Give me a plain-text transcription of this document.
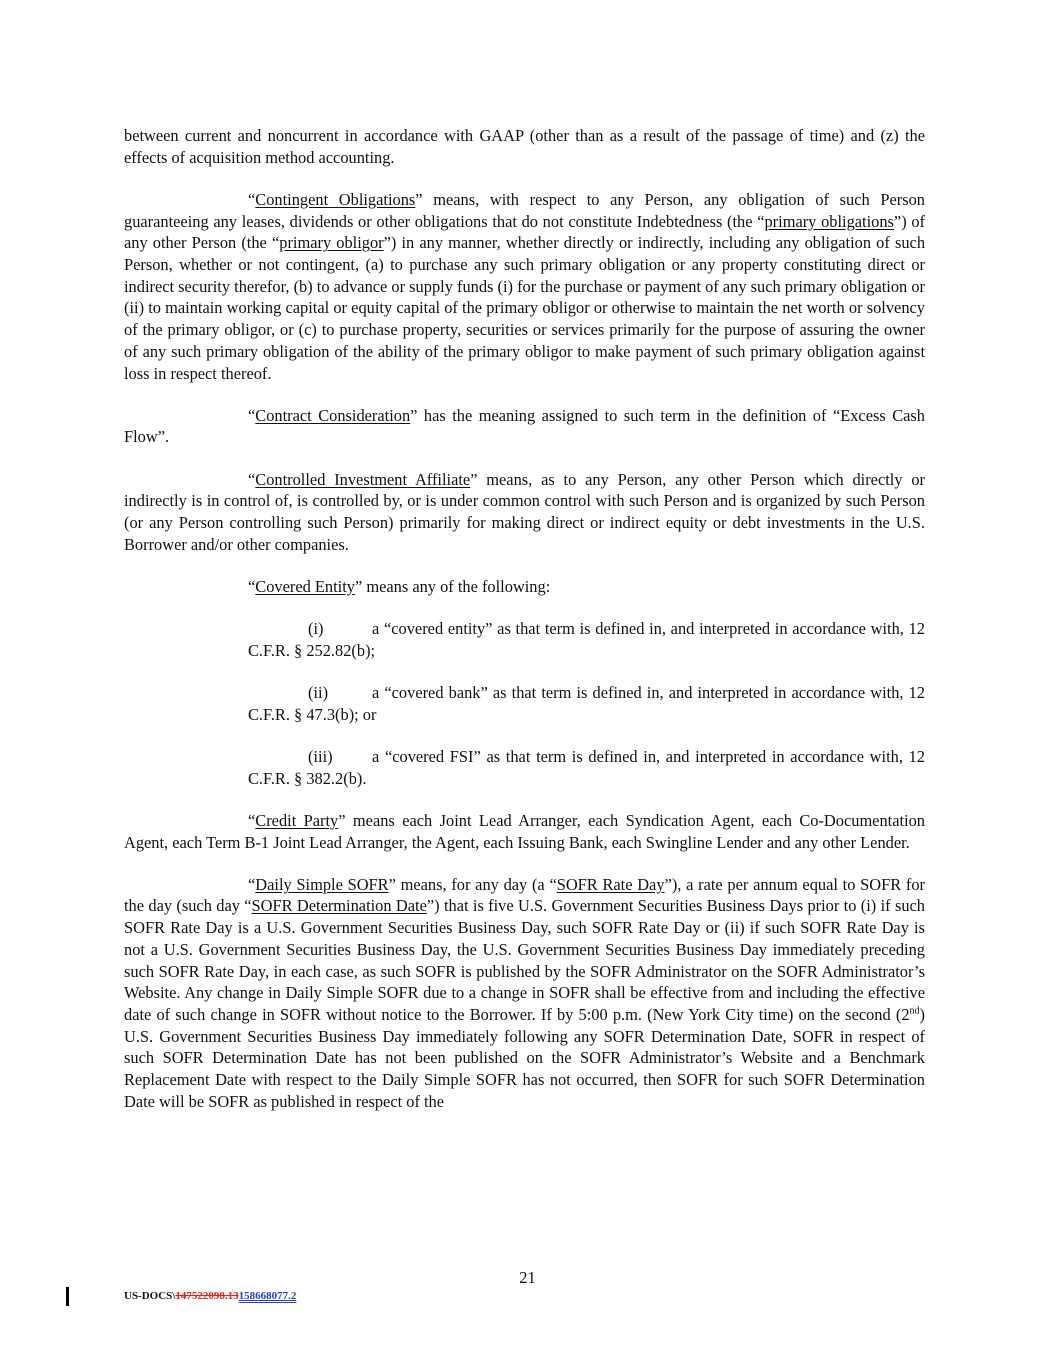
between current and noncurrent in accordance with GAAP (other than as a result of the passage of time) and (z) the effects of acquisition method accounting.

“Contingent Obligations” means, with respect to any Person, any obligation of such Person guaranteeing any leases, dividends or other obligations that do not constitute Indebtedness (the “primary obligations”) of any other Person (the “primary obligor”) in any manner, whether directly or indirectly, including any obligation of such Person, whether or not contingent, (a) to purchase any such primary obligation or any property constituting direct or indirect security therefor, (b) to advance or supply funds (i) for the purchase or payment of any such primary obligation or (ii) to maintain working capital or equity capital of the primary obligor or otherwise to maintain the net worth or solvency of the primary obligor, or (c) to purchase property, securities or services primarily for the purpose of assuring the owner of any such primary obligation of the ability of the primary obligor to make payment of such primary obligation against loss in respect thereof.

“Contract Consideration” has the meaning assigned to such term in the definition of “Excess Cash Flow”.

“Controlled Investment Affiliate” means, as to any Person, any other Person which directly or indirectly is in control of, is controlled by, or is under common control with such Person and is organized by such Person (or any Person controlling such Person) primarily for making direct or indirect equity or debt investments in the U.S. Borrower and/or other companies.

“Covered Entity” means any of the following:

(i)	a “covered entity” as that term is defined in, and interpreted in accordance with, 12 C.F.R. § 252.82(b);

(ii)	a “covered bank” as that term is defined in, and interpreted in accordance with, 12 C.F.R. § 47.3(b); or

(iii) a “covered FSI” as that term is defined in, and interpreted in accordance with, 12 C.F.R. § 382.2(b).

“Credit Party” means each Joint Lead Arranger, each Syndication Agent, each Co-Documentation Agent, each Term B-1 Joint Lead Arranger, the Agent, each Issuing Bank, each Swingline Lender and any other Lender.

“Daily Simple SOFR” means, for any day (a “SOFR Rate Day”), a rate per annum equal to SOFR for the day (such day “SOFR Determination Date”) that is five U.S. Government Securities Business Days prior to (i) if such SOFR Rate Day is a U.S. Government Securities Business Day, such SOFR Rate Day or (ii) if such SOFR Rate Day is not a U.S. Government Securities Business Day, the U.S. Government Securities Business Day immediately preceding such SOFR Rate Day, in each case, as such SOFR is published by the SOFR Administrator on the SOFR Administrator’s Website. Any change in Daily Simple SOFR due to a change in SOFR shall be effective from and including the effective date of such change in SOFR without notice to the Borrower. If by 5:00 p.m. (New York City time) on the second (2nd) U.S. Government Securities Business Day immediately following any SOFR Determination Date, SOFR in respect of such SOFR Determination Date has not been published on the SOFR Administrator’s Website and a Benchmark Replacement Date with respect to the Daily Simple SOFR has not occurred, then SOFR for such SOFR Determination Date will be SOFR as published in respect of the

21
US-DOCS\147522098.13158668077.2
